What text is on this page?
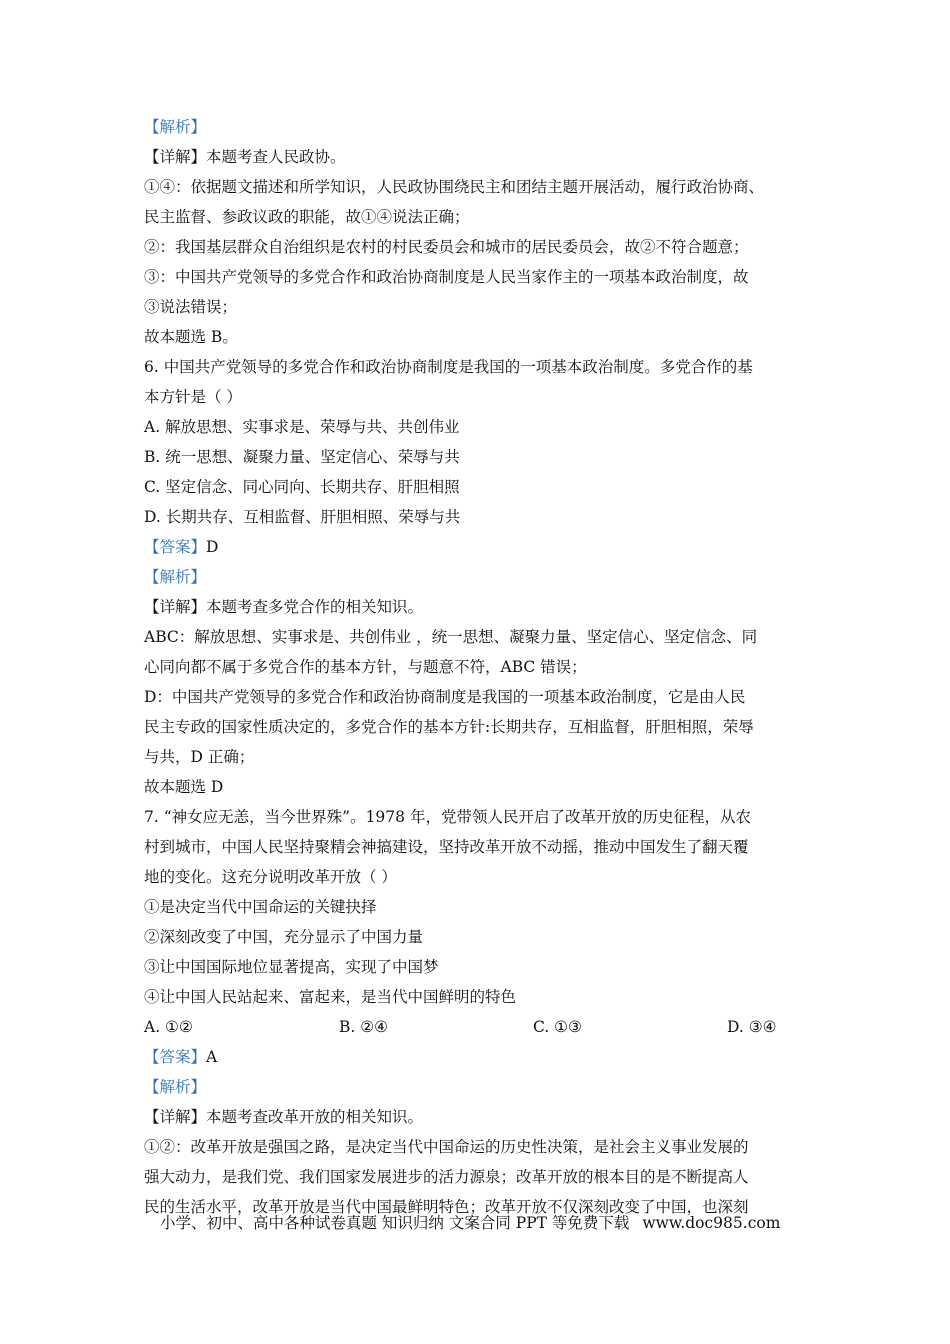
【解析】
【详解】本题考查人民政协。
①④：依据题文描述和所学知识，人民政协围绕民主和团结主题开展活动，履行政治协商、
民主监督、参政议政的职能，故①④说法正确；
②：我国基层群众自治组织是农村的村民委员会和城市的居民委员会，故②不符合题意；
③：中国共产党领导的多党合作和政治协商制度是人民当家作主的一项基本政治制度，故
③说法错误；
故本题选 B。
6. 中国共产党领导的多党合作和政治协商制度是我国的一项基本政治制度。多党合作的基
本方针是（ ）
A. 解放思想、实事求是、荣辱与共、共创伟业
B. 统一思想、凝聚力量、坚定信心、荣辱与共
C. 坚定信念、同心同向、长期共存、肝胆相照
D. 长期共存、互相监督、肝胆相照、荣辱与共
【答案】D
【解析】
【详解】本题考查多党合作的相关知识。
ABC：解放思想、实事求是、共创伟业 ，统一思想、凝聚力量、坚定信心、坚定信念、同
心同向都不属于多党合作的基本方针，与题意不符，ABC 错误；
D：中国共产党领导的多党合作和政治协商制度是我国的一项基本政治制度，它是由人民
民主专政的国家性质决定的，多党合作的基本方针:长期共存，互相监督，肝胆相照，荣辱
与共，D 正确；
故本题选 D
7. “神女应无恙，当今世界殊”。1978 年，党带领人民开启了改革开放的历史征程，从农
村到城市，中国人民坚持聚精会神搞建设，坚持改革开放不动摇，推动中国发生了翻天覆
地的变化。这充分说明改革开放（ ）
①是决定当代中国命运的关键抉择
②深刻改变了中国，充分显示了中国力量
③让中国国际地位显著提高，实现了中国梦
④让中国人民站起来、富起来，是当代中国鲜明的特色
A. ①②	B. ②④	C. ①③	D. ③④
【答案】A
【解析】
【详解】本题考查改革开放的相关知识。
①②：改革开放是强国之路，是决定当代中国命运的历史性决策，是社会主义事业发展的
强大动力，是我们党、我们国家发展进步的活力源泉；改革开放的根本目的是不断提高人
民的生活水平，改革开放是当代中国最鲜明特色；改革开放不仅深刻改变了中国，也深刻
小学、初中、高中各种试卷真题 知识归纳 文案合同 PPT 等免费下载 www.doc985.com
